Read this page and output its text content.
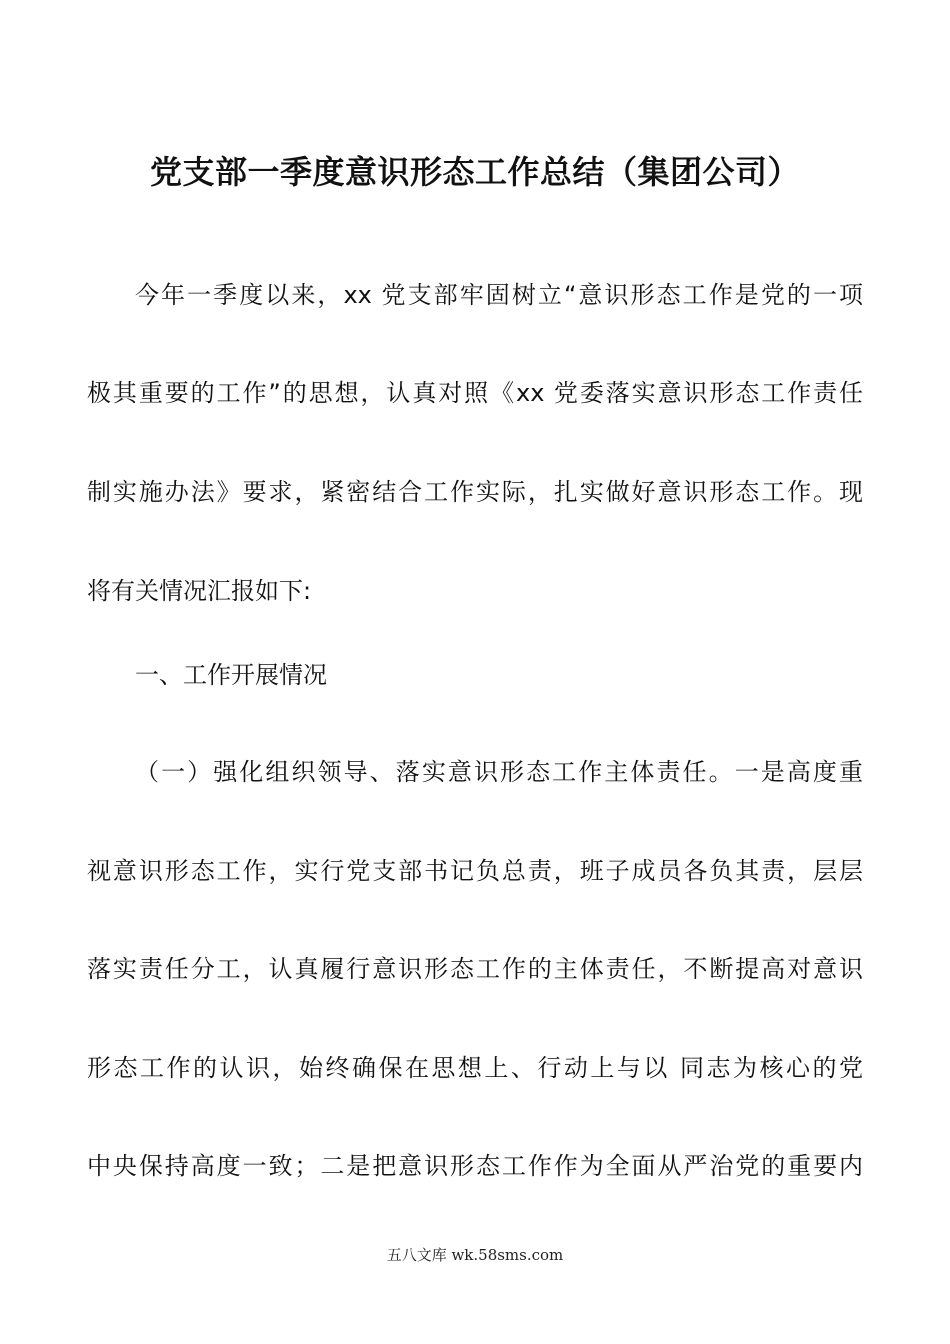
党支部一季度意识形态工作总结（集团公司）
今年一季度以来，xx 党支部牢固树立“意识形态工作是党的一项
极其重要的工作”的思想，认真对照《xx 党委落实意识形态工作责任
制实施办法》要求，紧密结合工作实际，扎实做好意识形态工作。现
将有关情况汇报如下:
一、工作开展情况
（一）强化组织领导、落实意识形态工作主体责任。一是高度重
视意识形态工作，实行党支部书记负总责，班子成员各负其责，层层
落实责任分工，认真履行意识形态工作的主体责任，不断提高对意识
形态工作的认识，始终确保在思想上、行动上与以 同志为核心的党
中央保持高度一致；二是把意识形态工作作为全面从严治党的重要内
五八文库 wk.58sms.com
